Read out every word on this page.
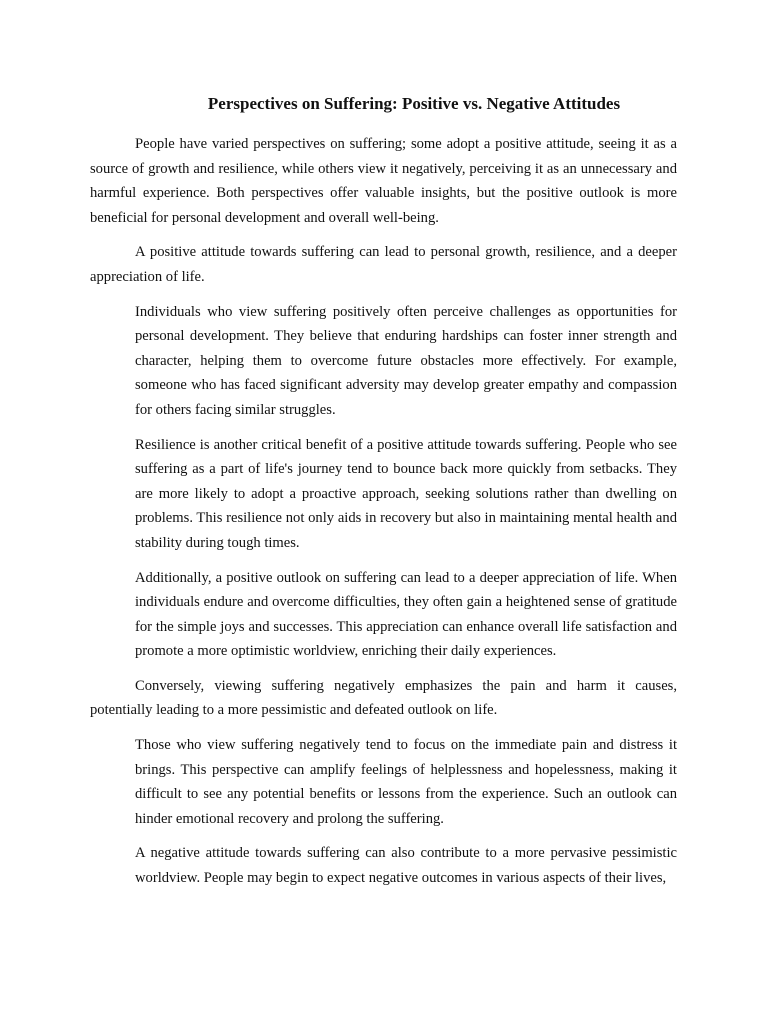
Perspectives on Suffering: Positive vs. Negative Attitudes

People have varied perspectives on suffering; some adopt a positive attitude, seeing it as a source of growth and resilience, while others view it negatively, perceiving it as an unnecessary and harmful experience. Both perspectives offer valuable insights, but the positive outlook is more beneficial for personal development and overall well-being.

A positive attitude towards suffering can lead to personal growth, resilience, and a deeper appreciation of life.

Individuals who view suffering positively often perceive challenges as opportunities for personal development. They believe that enduring hardships can foster inner strength and character, helping them to overcome future obstacles more effectively. For example, someone who has faced significant adversity may develop greater empathy and compassion for others facing similar struggles.

Resilience is another critical benefit of a positive attitude towards suffering. People who see suffering as a part of life's journey tend to bounce back more quickly from setbacks. They are more likely to adopt a proactive approach, seeking solutions rather than dwelling on problems. This resilience not only aids in recovery but also in maintaining mental health and stability during tough times.

Additionally, a positive outlook on suffering can lead to a deeper appreciation of life. When individuals endure and overcome difficulties, they often gain a heightened sense of gratitude for the simple joys and successes. This appreciation can enhance overall life satisfaction and promote a more optimistic worldview, enriching their daily experiences.

Conversely, viewing suffering negatively emphasizes the pain and harm it causes, potentially leading to a more pessimistic and defeated outlook on life.

Those who view suffering negatively tend to focus on the immediate pain and distress it brings. This perspective can amplify feelings of helplessness and hopelessness, making it difficult to see any potential benefits or lessons from the experience. Such an outlook can hinder emotional recovery and prolong the suffering.

A negative attitude towards suffering can also contribute to a more pervasive pessimistic worldview. People may begin to expect negative outcomes in various aspects of their lives,
